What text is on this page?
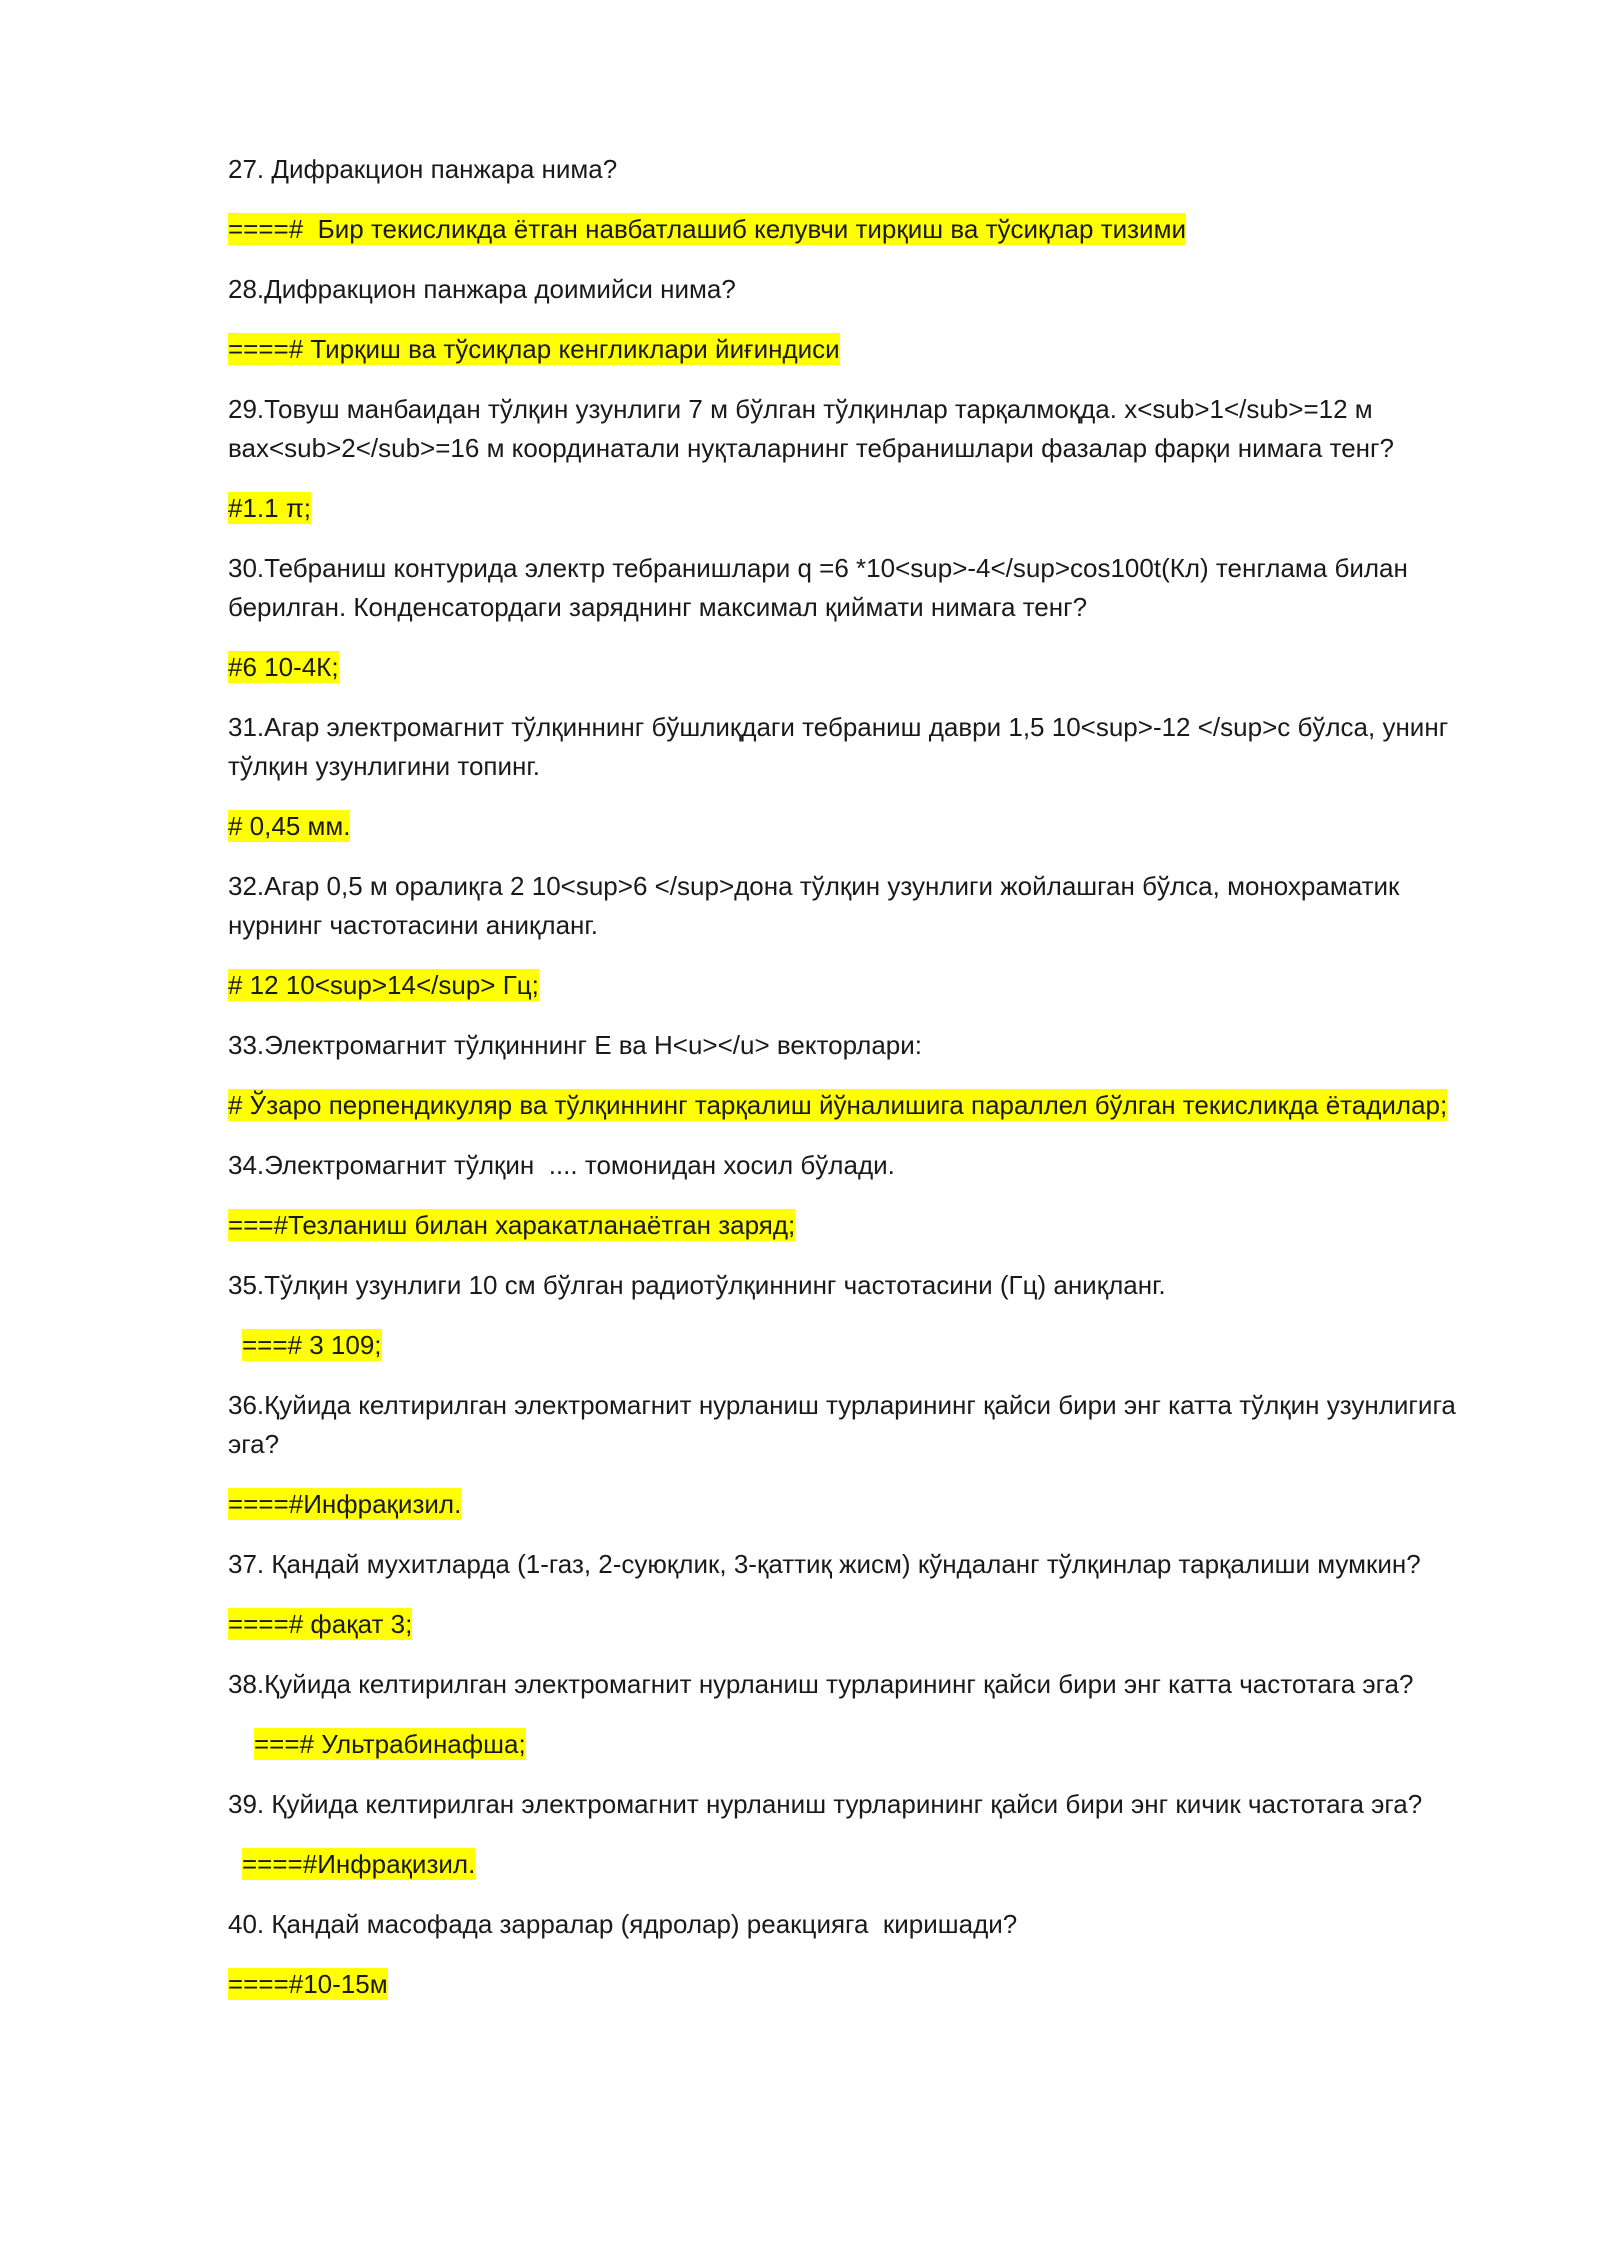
27. Дифракцион панжара нима?
====#  Бир текисликда ётган навбатлашиб келувчи тирқиш ва тўсиқлар тизими
28.Дифракцион панжара доимийси нима?
====# Тирқиш ва тўсиқлар кенгликлари йиғиндиси
29.Товуш манбаидан тўлқин узунлиги 7 м бўлган тўлқинлар тарқалмоқда. x<sub>1</sub>=12 м вах<sub>2</sub>=16 м координатали нуқталарнинг тебранишлари фазалар фарқи нимага тенг?
#1.1 π;
30.Тебраниш контурида электр тебранишлари q =6 *10<sup>-4</sup>cos100t(Кл) тенглама билан берилган. Конденсатордаги заряднинг максимал қиймати нимага тенг?
#6 10-4К;
31.Агар электромагнит тўлқиннинг бўшлиқдаги тебраниш даври 1,5 10<sup>-12 </sup>с бўлса, унинг тўлқин узунлигини топинг.
# 0,45 мм.
32.Агар 0,5 м оралиқга 2 10<sup>6 </sup>дона тўлқин узунлиги жойлашган бўлса, монохраматик нурнинг частотасини аниқланг.
# 12 10<sup>14</sup> Гц;
33.Электромагнит тўлқиннинг E ва H<u></u> векторлари:
# Ўзаро перпендикуляр ва тўлқиннинг тарқалиш йўналишига параллел бўлган текисликда ётадилар;
34.Электромагнит тўлқин  .... томонидан хосил бўлади.
===#Тезланиш билан харакатланаётган заряд;
35.Тўлқин узунлиги 10 см бўлган радиотўлқиннинг частотасини (Гц) аниқланг.
===# 3 109;
36.Қуйида келтирилган электромагнит нурланиш турларининг қайси бири энг катта тўлқин узунлигига эга?
====#Инфрақизил.
37. Қандай мухитларда (1-газ, 2-суюқлик, 3-қаттиқ жисм) кўндаланг тўлқинлар тарқалиши мумкин?
====# фақат 3;
38.Қуйида келтирилган электромагнит нурланиш турларининг қайси бири энг катта частотага эга?
===# Ультрабинафша;
39. Қуйида келтирилган электромагнит нурланиш турларининг қайси бири энг кичик частотага эга?
====#Инфрақизил.
40. Қандай масофада зарралар (ядролар) реакцияга  киришади?
====#10-15м
